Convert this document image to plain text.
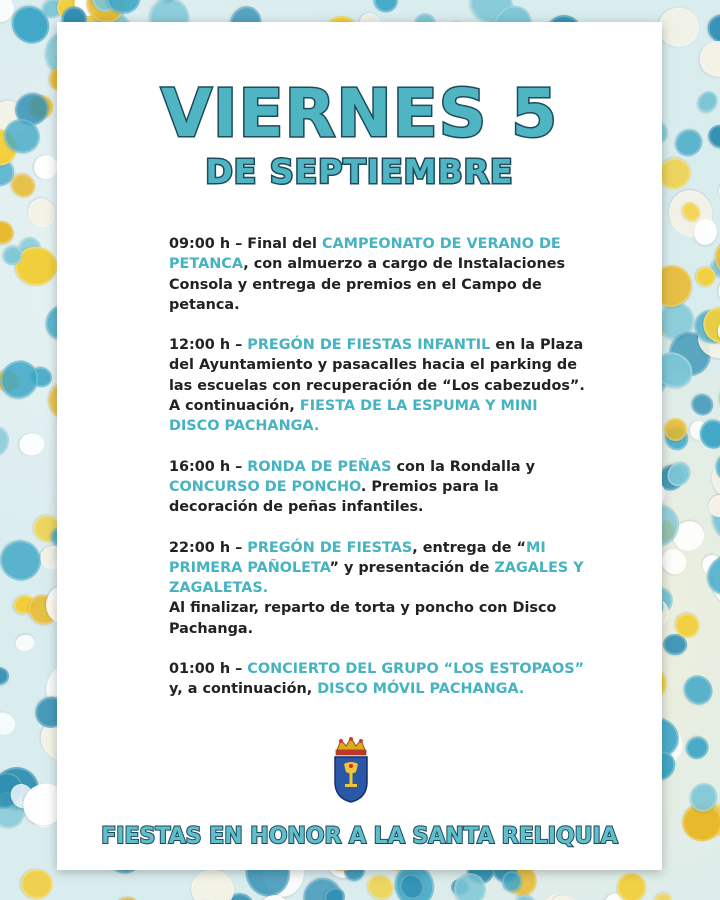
VIERNES 5
DE SEPTIEMBRE
09:00 h – Final del CAMPEONATO DE VERANO DE PETANCA, con almuerzo a cargo de Instalaciones Consola y entrega de premios en el Campo de petanca.
12:00 h – PREGÓN DE FIESTAS INFANTIL en la Plaza del Ayuntamiento y pasacalles hacia el parking de las escuelas con recuperación de “Los cabezudos”.
A continuación, FIESTA DE LA ESPUMA Y MINI DISCO PACHANGA.
16:00 h – RONDA DE PEÑAS con la Rondalla y CONCURSO DE PONCHO. Premios para la decoración de peñas infantiles.
22:00 h – PREGÓN DE FIESTAS, entrega de “MI PRIMERA PAÑOLETA” y presentación de ZAGALES Y ZAGALETAS.
Al finalizar, reparto de torta y poncho con Disco Pachanga.
01:00 h – CONCIERTO DEL GRUPO “LOS ESTOPAOS” y, a continuación, DISCO MÓVIL PACHANGA.
FIESTAS EN HONOR A LA SANTA RELIQUIA
